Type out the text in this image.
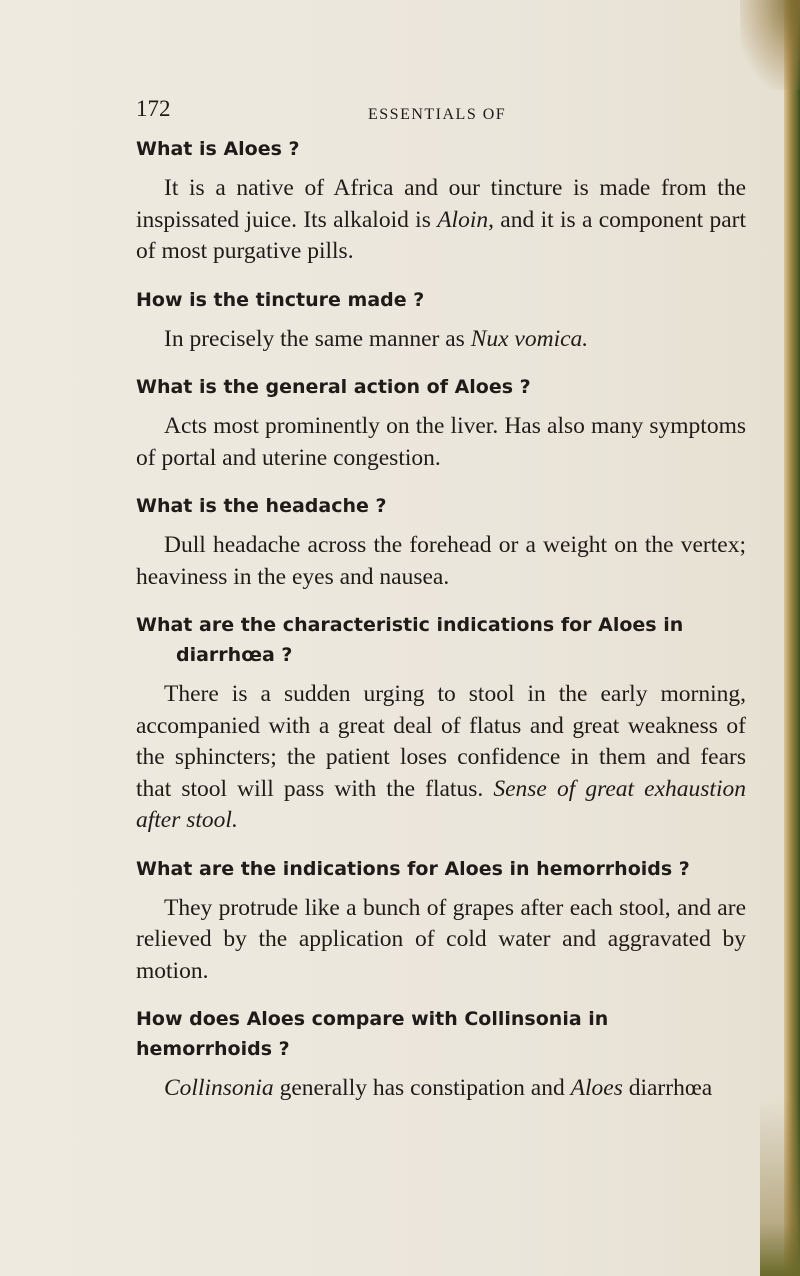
172	ESSENTIALS OF
What is Aloes ?

It is a native of Africa and our tincture is made from the inspissated juice. Its alkaloid is Aloin, and it is a component part of most purgative pills.

How is the tincture made ?

In precisely the same manner as Nux vomica.

What is the general action of Aloes ?

Acts most prominently on the liver. Has also many symptoms of portal and uterine congestion.

What is the headache ?

Dull headache across the forehead or a weight on the vertex; heaviness in the eyes and nausea.

What are the characteristic indications for Aloes in
diarrhœa ?

There is a sudden urging to stool in the early morning, accompanied with a great deal of flatus and great weakness of the sphincters; the patient loses confidence in them and fears that stool will pass with the flatus. Sense of great exhaustion after stool.

What are the indications for Aloes in hemorrhoids ?

They protrude like a bunch of grapes after each stool, and are relieved by the application of cold water and aggravated by motion.

How does Aloes compare with Collinsonia in hemorrhoids ?

Collinsonia generally has constipation and Aloes diarrhœa
